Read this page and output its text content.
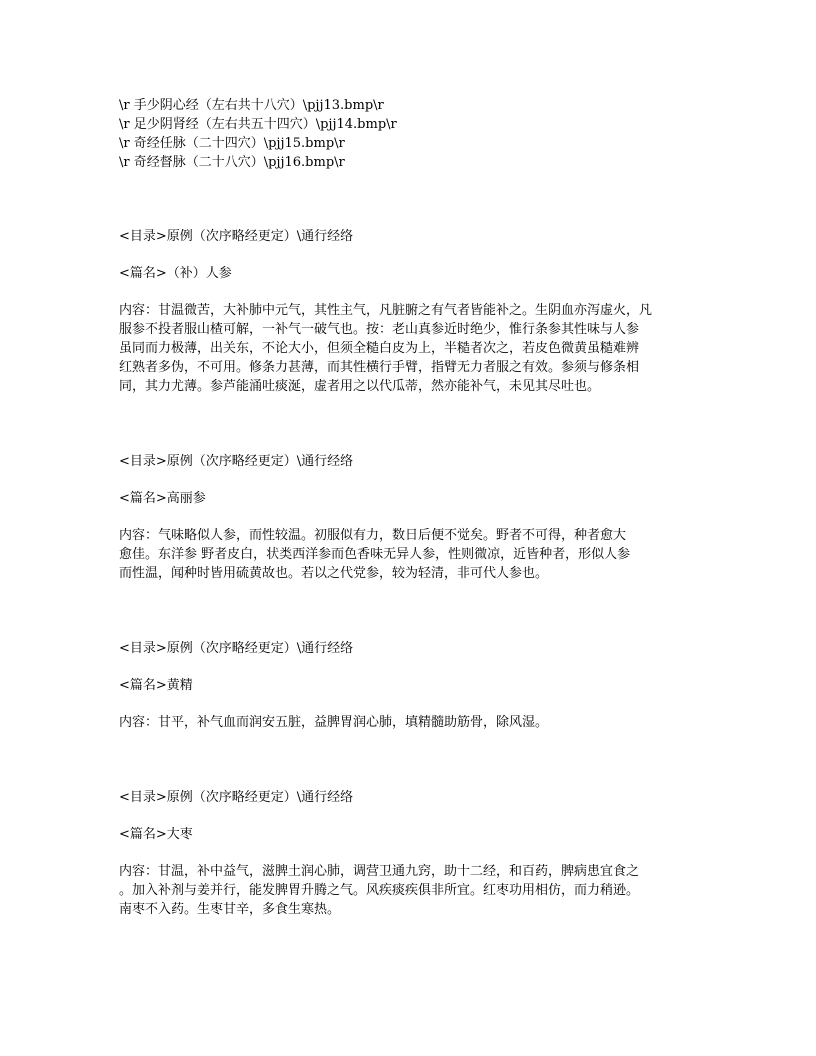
\r 手少阴心经（左右共十八穴）\pjj13.bmp\r

\r 足少阴肾经（左右共五十四穴）\pjj14.bmp\r

\r 奇经任脉（二十四穴）\pjj15.bmp\r

\r 奇经督脉（二十八穴）\pjj16.bmp\r

<目录>原例（次序略经更定）\通行经络

<篇名>（补）人参

内容：甘温微苦，大补肺中元气，其性主气，凡脏腑之有气者皆能补之。生阴血亦泻虚火，凡

服参不投者服山楂可解，一补气一破气也。按：老山真参近时绝少，惟行条参其性味与人参

虽同而力极薄，出关东，不论大小，但须全糙白皮为上，半糙者次之，若皮色微黄虽糙难辨

红熟者多伪，不可用。修条力甚薄，而其性横行手臂，指臂无力者服之有效。参须与修条相

同，其力尤薄。参芦能涌吐痰涎，虚者用之以代瓜蒂，然亦能补气，未见其尽吐也。

<目录>原例（次序略经更定）\通行经络

<篇名>高丽参

内容：气味略似人参，而性较温。初服似有力，数日后便不觉矣。野者不可得，种者愈大

愈佳。东洋参 野者皮白，状类西洋参而色香味无异人参，性则微凉，近皆种者，形似人参

而性温，闻种时皆用硫黄故也。若以之代党参，较为轻清，非可代人参也。

<目录>原例（次序略经更定）\通行经络

<篇名>黄精

内容：甘平，补气血而润安五脏，益脾胃润心肺，填精髓助筋骨，除风湿。

<目录>原例（次序略经更定）\通行经络

<篇名>大枣

内容：甘温，补中益气，滋脾土润心肺，调营卫通九窍，助十二经，和百药，脾病患宜食之

。加入补剂与姜并行，能发脾胃升腾之气。风疾痰疾俱非所宜。红枣功用相仿，而力稍逊。

南枣不入药。生枣甘辛，多食生寒热。
